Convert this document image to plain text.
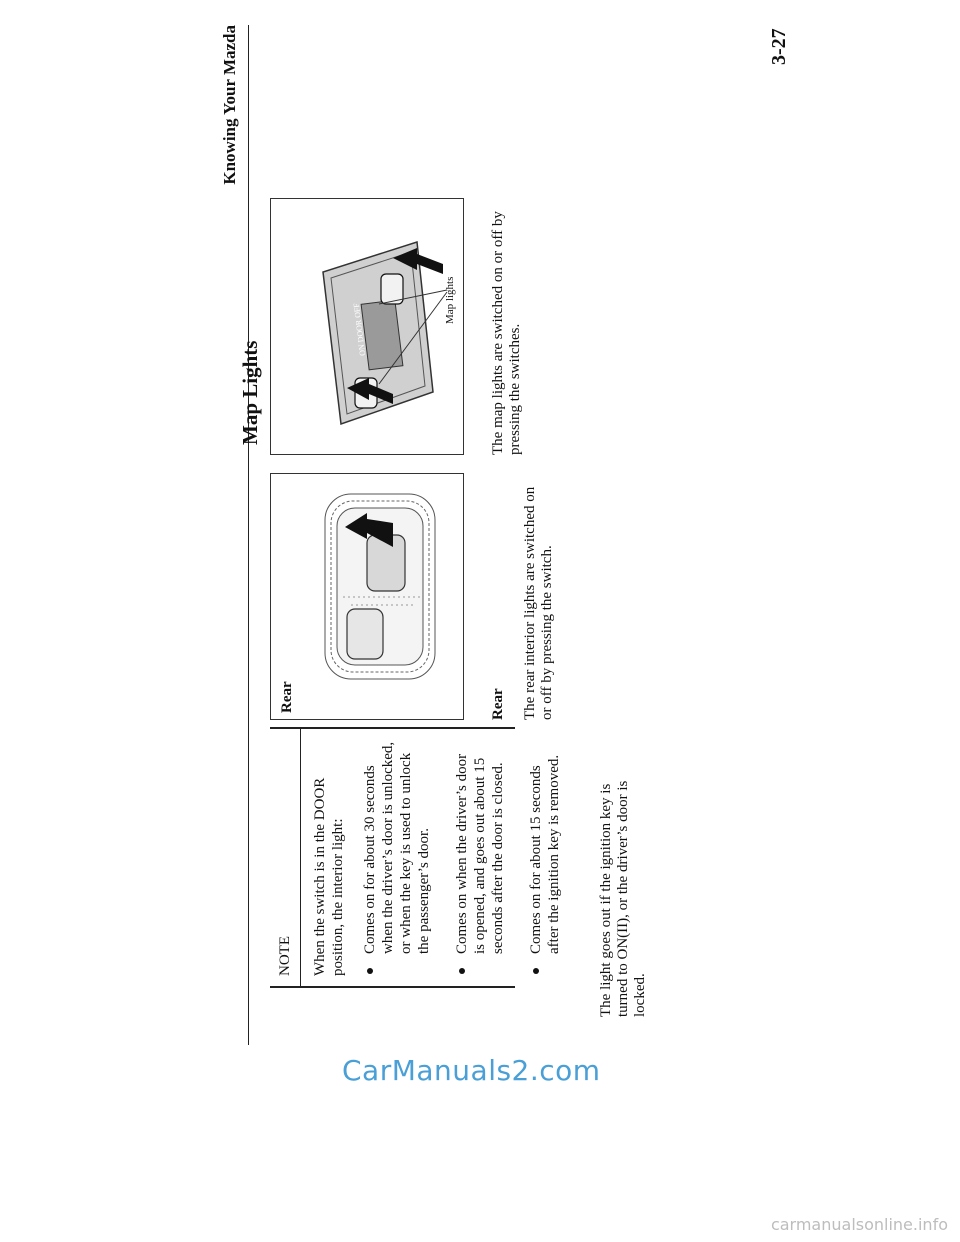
Knowing Your Mazda
NOTE	When the switch is in the DOOR position, the interior light: Comes on for about 30 seconds when the driver’s door is unlocked, or when the key is used to unlock the passenger’s door. Comes on when the driver’s door is opened, and goes out about 15 seconds after the door is closed. Comes on for about 15 seconds after the ignition key is removed. The light goes out if the ignition key is turned to ON(II), or the driver’s door is locked.
Rear
ON DOOR OFF
Map lights
Map Lights
Rear The rear interior lights are switched on or off by pressing the switch.
The map lights are switched on or off by pressing the switches.
3-27
CarManuals2.com
carmanualsonline.info
